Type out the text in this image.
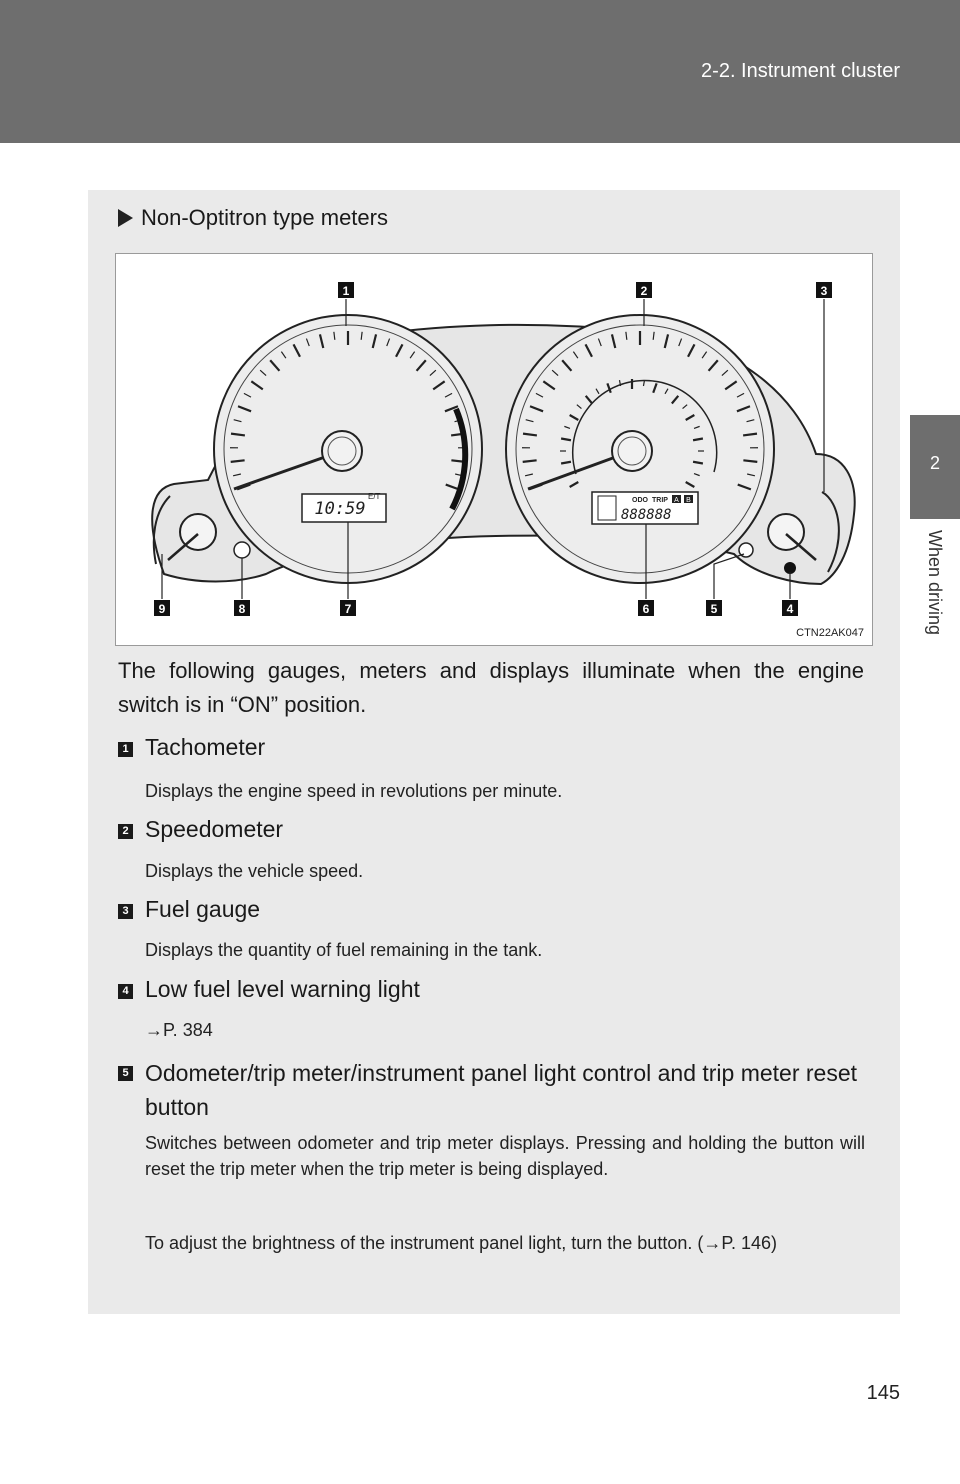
2-2. Instrument cluster
2
When driving
Non-Optitron type meters
10:59
E/T	ODO TRIP A B
888888
1	2	3
4
5
6
7
8
9
CTN22AK047
The following gauges, meters and displays illuminate when the engine switch is in “ON” position.
1 Tachometer
Displays the engine speed in revolutions per minute.
2 Speedometer
Displays the vehicle speed.
3 Fuel gauge
Displays the quantity of fuel remaining in the tank.
4 Low fuel level warning light
→P. 384
5 Odometer/trip meter/instrument panel light control and trip meter reset button
Switches between odometer and trip meter displays. Pressing and holding the button will reset the trip meter when the trip meter is being displayed.
To adjust the brightness of the instrument panel light, turn the button. (→P. 146)
145
